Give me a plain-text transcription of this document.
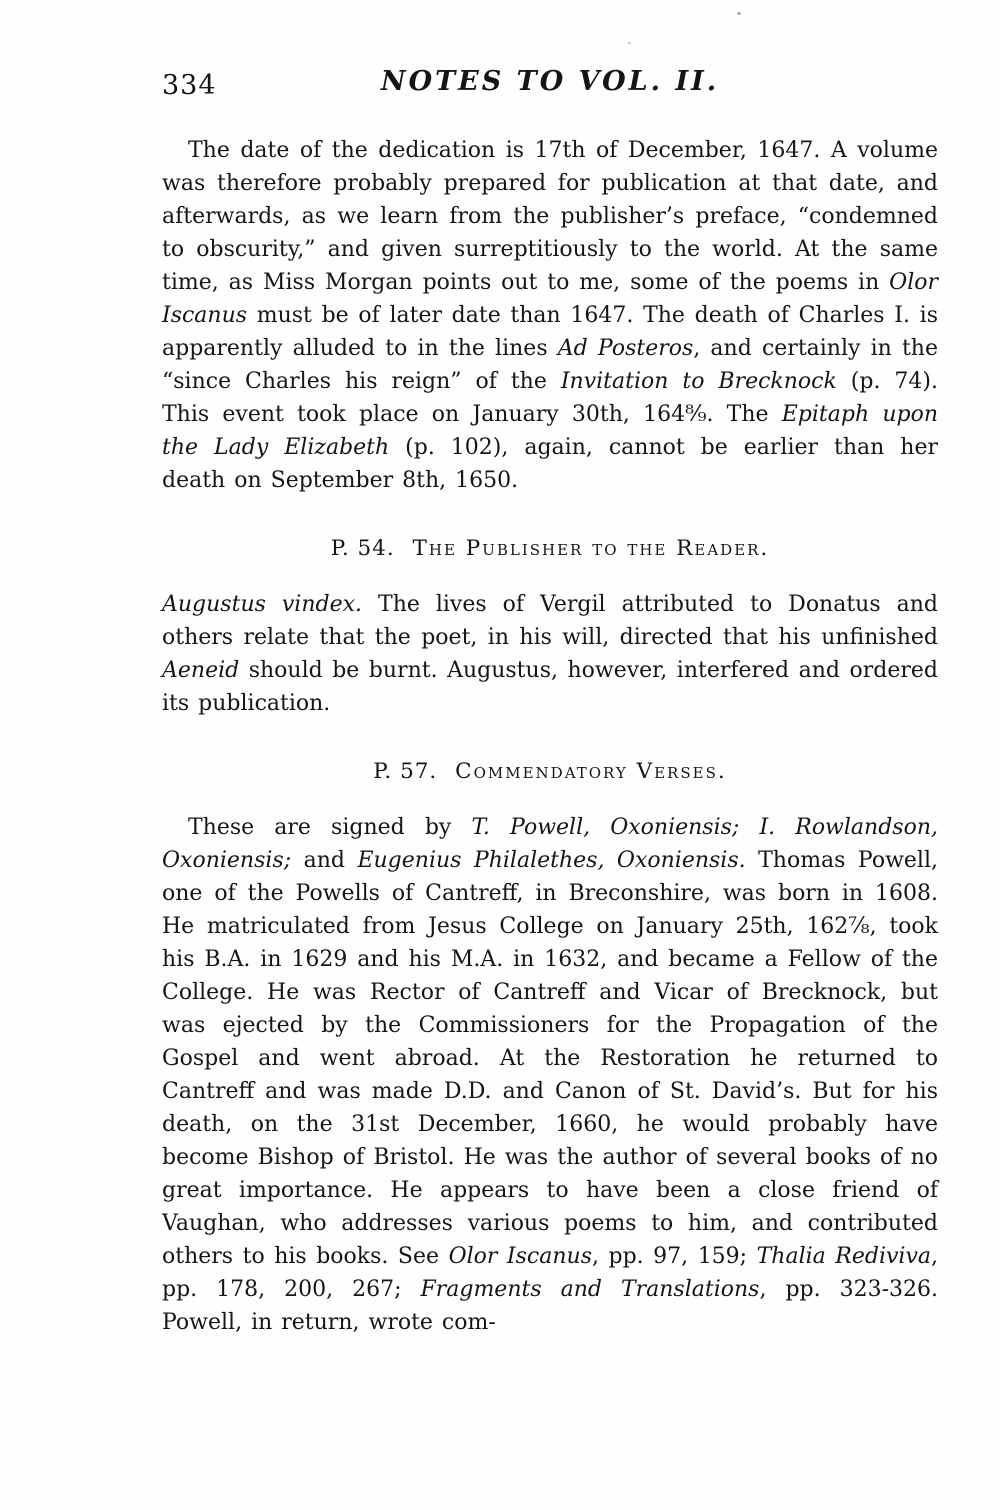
334	NOTES TO VOL. II.

The date of the dedication is 17th of December, 1647. A volume was therefore probably prepared for publication at that date, and afterwards, as we learn from the publisher’s preface, “condemned to obscurity,” and given surreptitiously to the world. At the same time, as Miss Morgan points out to me, some of the poems in Olor Iscanus must be of later date than 1647. The death of Charles I. is apparently alluded to in the lines Ad Posteros, and certainly in the “since Charles his reign” of the Invitation to Brecknock (p. 74). This event took place on January 30th, 164⁸⁄₉. The Epitaph upon the Lady Elizabeth (p. 102), again, cannot be earlier than her death on September 8th, 1650.

P. 54. The Publisher to the Reader.

Augustus vindex. The lives of Vergil attributed to Donatus and others relate that the poet, in his will, directed that his unfinished Aeneid should be burnt. Augustus, however, interfered and ordered its publication.

P. 57. Commendatory Verses.

These are signed by T. Powell, Oxoniensis; I. Rowlandson, Oxoniensis; and Eugenius Philalethes, Oxoniensis. Thomas Powell, one of the Powells of Cantreff, in Breconshire, was born in 1608. He matriculated from Jesus College on January 25th, 162⁷⁄₈, took his B.A. in 1629 and his M.A. in 1632, and became a Fellow of the College. He was Rector of Cantreff and Vicar of Brecknock, but was ejected by the Commissioners for the Propagation of the Gospel and went abroad. At the Restoration he returned to Cantreff and was made D.D. and Canon of St. David’s. But for his death, on the 31st December, 1660, he would probably have become Bishop of Bristol. He was the author of several books of no great importance. He appears to have been a close friend of Vaughan, who addresses various poems to him, and contributed others to his books. See Olor Iscanus, pp. 97, 159; Thalia Rediviva, pp. 178, 200, 267; Fragments and Translations, pp. 323-326. Powell, in return, wrote com-
